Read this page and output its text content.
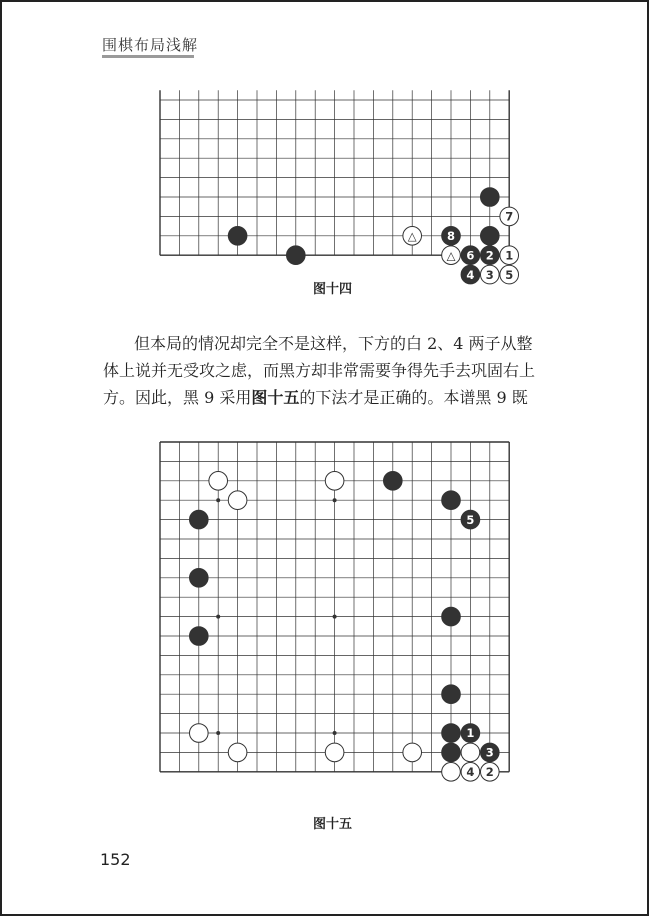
围棋布局浅解
△
7
8
△ 6 2 1
4 3 5
图十四

但本局的情况却完全不是这样，下方的白 2、4 两子从整

体上说并无受攻之虑，而黑方却非常需要争得先手去巩固右上

方。因此，黑 9 采用图十五的下法才是正确的。本谱黑 9 既

5
1
3
4 2
图十五
152
